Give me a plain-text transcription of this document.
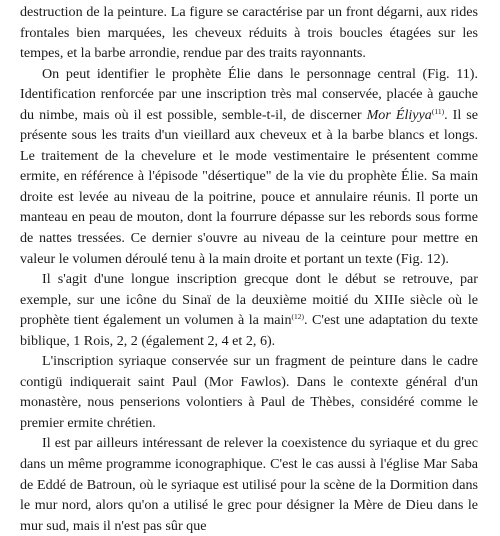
destruction de la peinture. La figure se caractérise par un front dégarni, aux rides frontales bien marquées, les cheveux réduits à trois boucles étagées sur les tempes, et la barbe arrondie, rendue par des traits rayonnants.

On peut identifier le prophète Élie dans le personnage central (Fig. 11). Identification renforcée par une inscription très mal conservée, placée à gauche du nimbe, mais où il est possible, semble-t-il, de discerner Mor Éliyya$^{(11)}$. Il se présente sous les traits d'un vieillard aux cheveux et à la barbe blancs et longs. Le traitement de la chevelure et le mode vestimentaire le présentent comme ermite, en référence à l'épisode "désertique" de la vie du prophète Élie. Sa main droite est levée au niveau de la poitrine, pouce et annulaire réunis. Il porte un manteau en peau de mouton, dont la fourrure dépasse sur les rebords sous forme de nattes tressées. Ce dernier s'ouvre au niveau de la ceinture pour mettre en valeur le volumen déroulé tenu à la main droite et portant un texte (Fig. 12).

Il s'agit d'une longue inscription grecque dont le début se retrouve, par exemple, sur une icône du Sinaï de la deuxième moitié du XIIIe siècle où le prophète tient également un volumen à la main$^{(12)}$. C'est une adaptation du texte biblique, 1 Rois, 2, 2 (également 2, 4 et 2, 6).

L'inscription syriaque conservée sur un fragment de peinture dans le cadre contigü indiquerait saint Paul (Mor Fawlos). Dans le contexte général d'un monastère, nous penserions volontiers à Paul de Thèbes, considéré comme le premier ermite chrétien.

Il est par ailleurs intéressant de relever la coexistence du syriaque et du grec dans un même programme iconographique. C'est le cas aussi à l'église Mar Saba de Eddé de Batroun, où le syriaque est utilisé pour la scène de la Dormition dans le mur nord, alors qu'on a utilisé le grec pour désigner la Mère de Dieu dans le mur sud, mais il n'est pas sûr que
